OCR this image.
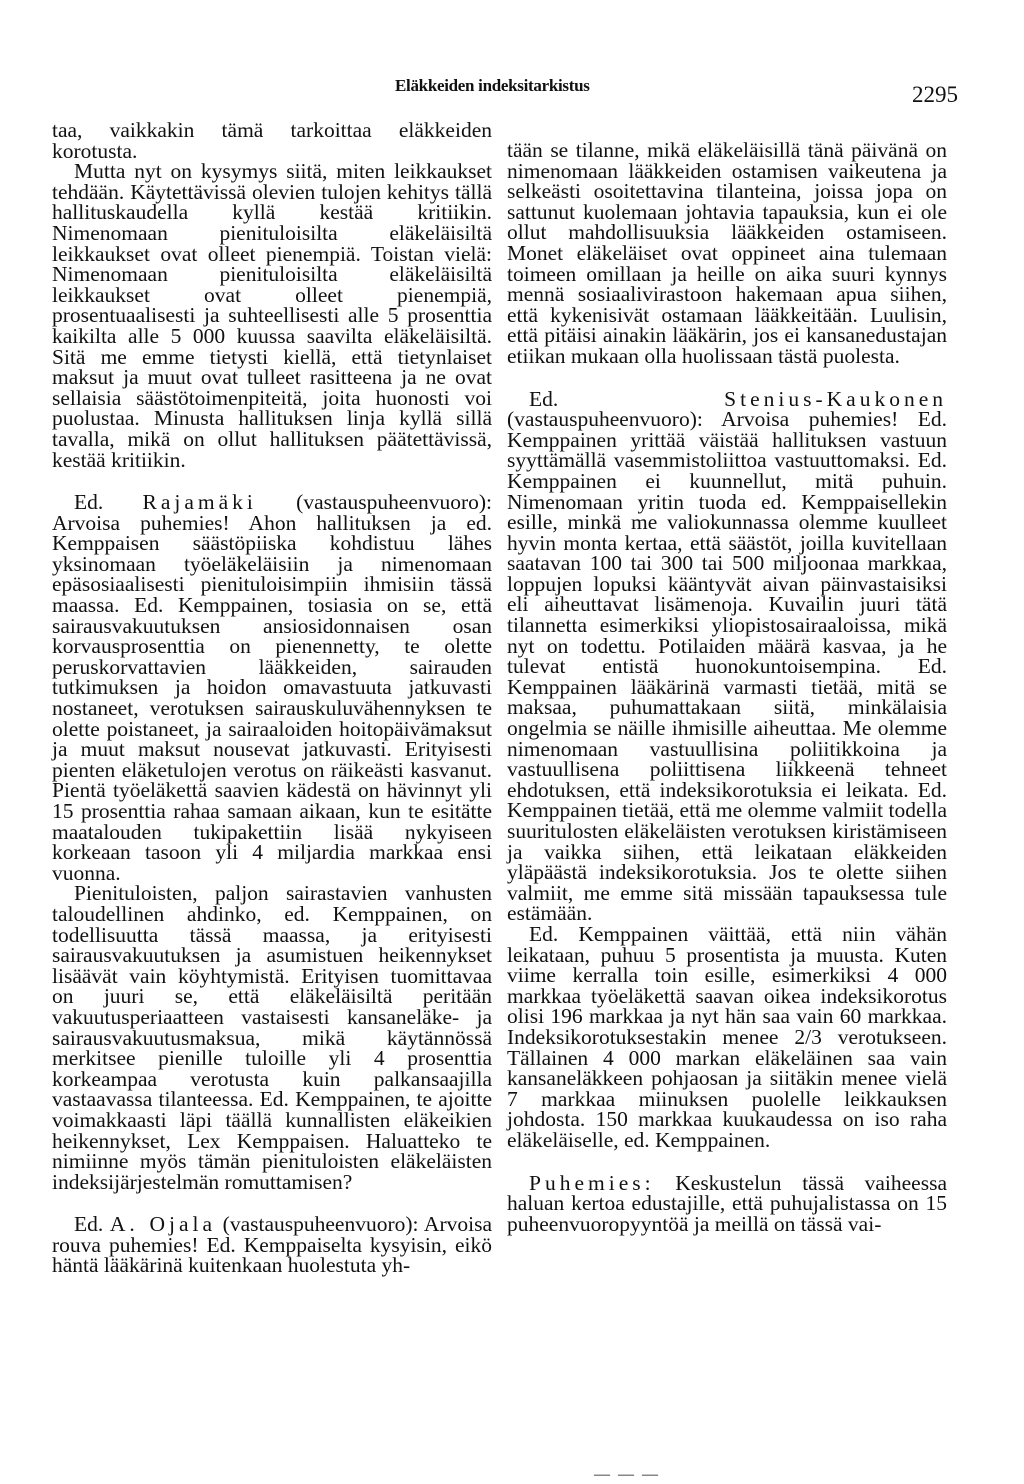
Eläkkeiden indeksitarkistus	2295

taa, vaikkakin tämä tarkoittaa eläkkeiden korotusta.

Mutta nyt on kysymys siitä, miten leikkaukset tehdään. Käytettävissä olevien tulojen kehitys tällä hallituskaudella kyllä kestää kritiikin. Nimenomaan pienituloisilta eläkeläisiltä leikkaukset ovat olleet pienempiä. Toistan vielä: Nimenomaan pienituloisilta eläkeläisiltä leikkaukset ovat olleet pienempiä, prosentuaalisesti ja suhteellisesti alle 5 prosenttia kaikilta alle 5 000 kuussa saavilta eläkeläisiltä. Sitä me emme tietysti kiellä, että tietynlaiset maksut ja muut ovat tulleet rasitteena ja ne ovat sellaisia säästötoimenpiteitä, joita huonosti voi puolustaa. Minusta hallituksen linja kyllä sillä tavalla, mikä on ollut hallituksen päätettävissä, kestää kritiikin.

Ed. Rajamäki (vastauspuheenvuoro): Arvoisa puhemies! Ahon hallituksen ja ed. Kemppaisen säästöpiiska kohdistuu lähes yksinomaan työeläkeläisiin ja nimenomaan epäsosiaalisesti pienituloisimpiin ihmisiin tässä maassa. Ed. Kemppainen, tosiasia on se, että sairausvakuutuksen ansiosidonnaisen osan korvausprosenttia on pienennetty, te olette peruskorvattavien lääkkeiden, sairauden tutkimuksen ja hoidon omavastuuta jatkuvasti nostaneet, verotuksen sairauskuluvähennyksen te olette poistaneet, ja sairaaloiden hoitopäivämaksut ja muut maksut nousevat jatkuvasti. Erityisesti pienten eläketulojen verotus on räikeästi kasvanut. Pientä työeläkettä saavien kädestä on hävinnyt yli 15 prosenttia rahaa samaan aikaan, kun te esitätte maatalouden tukipakettiin lisää nykyiseen korkeaan tasoon yli 4 miljardia markkaa ensi vuonna.

Pienituloisten, paljon sairastavien vanhusten taloudellinen ahdinko, ed. Kemppainen, on todellisuutta tässä maassa, ja erityisesti sairausvakuutuksen ja asumistuen heikennykset lisäävät vain köyhtymistä. Erityisen tuomittavaa on juuri se, että eläkeläisiltä peritään vakuutusperiaatteen vastaisesti kansaneläke- ja sairausvakuutusmaksua, mikä käytännössä merkitsee pienille tuloille yli 4 prosenttia korkeampaa verotusta kuin palkansaajilla vastaavassa tilanteessa. Ed. Kemppainen, te ajoitte voimakkaasti läpi täällä kunnallisten eläkeikien heikennykset, Lex Kemppaisen. Haluatteko te nimiinne myös tämän pienituloisten eläkeläisten indeksijärjestelmän romuttamisen?

Ed. A. Ojala (vastauspuheenvuoro): Arvoisa rouva puhemies! Ed. Kemppaiselta kysyisin, eikö häntä lääkärinä kuitenkaan huolestuta yh-

tään se tilanne, mikä eläkeläisillä tänä päivänä on nimenomaan lääkkeiden ostamisen vaikeutena ja selkeästi osoitettavina tilanteina, joissa jopa on sattunut kuolemaan johtavia tapauksia, kun ei ole ollut mahdollisuuksia lääkkeiden ostamiseen. Monet eläkeläiset ovat oppineet aina tulemaan toimeen omillaan ja heille on aika suuri kynnys mennä sosiaalivirastoon hakemaan apua siihen, että kykenisivät ostamaan lääkkeitään. Luulisin, että pitäisi ainakin lääkärin, jos ei kansanedustajan etiikan mukaan olla huolissaan tästä puolesta.

Ed.	Stenius-Kaukonen (vastauspuheenvuoro): Arvoisa puhemies! Ed. Kemppainen yrittää väistää hallituksen vastuun syyttämällä vasemmistoliittoa vastuuttomaksi. Ed. Kemppainen ei kuunnellut, mitä puhuin. Nimenomaan yritin tuoda ed. Kemppaisellekin esille, minkä me valiokunnassa olemme kuulleet hyvin monta kertaa, että säästöt, joilla kuvitellaan saatavan 100 tai 300 tai 500 miljoonaa markkaa, loppujen lopuksi kääntyvät aivan päinvastaisiksi eli aiheuttavat lisämenoja. Kuvailin juuri tätä tilannetta esimerkiksi yliopistosairaaloissa, mikä nyt on todettu. Potilaiden määrä kasvaa, ja he tulevat entistä huonokuntoisempina. Ed. Kemppainen lääkärinä varmasti tietää, mitä se maksaa, puhumattakaan siitä, minkälaisia ongelmia se näille ihmisille aiheuttaa. Me olemme nimenomaan vastuullisina poliitikkoina ja vastuullisena poliittisena liikkeenä tehneet ehdotuksen, että indeksikorotuksia ei leikata. Ed. Kemppainen tietää, että me olemme valmiit todella suuritulosten eläkeläisten verotuksen kiristämiseen ja vaikka siihen, että leikataan eläkkeiden yläpäästä indeksikorotuksia. Jos te olette siihen valmiit, me emme sitä missään tapauksessa tule estämään.

Ed. Kemppainen väittää, että niin vähän leikataan, puhuu 5 prosentista ja muusta. Kuten viime kerralla toin esille, esimerkiksi 4 000 markkaa työeläkettä saavan oikea indeksikorotus olisi 196 markkaa ja nyt hän saa vain 60 markkaa. Indeksikorotuksestakin menee 2/3 verotukseen. Tällainen 4 000 markan eläkeläinen saa vain kansaneläkkeen pohjaosan ja siitäkin menee vielä 7 markkaa miinuksen puolelle leikkauksen johdosta. 150 markkaa kuukaudessa on iso raha eläkeläiselle, ed. Kemppainen.

Puhemies: Keskustelun tässä vaiheessa haluan kertoa edustajille, että puhujalistassa on 15 puheenvuoropyyntöä ja meillä on tässä vai-

— — —
